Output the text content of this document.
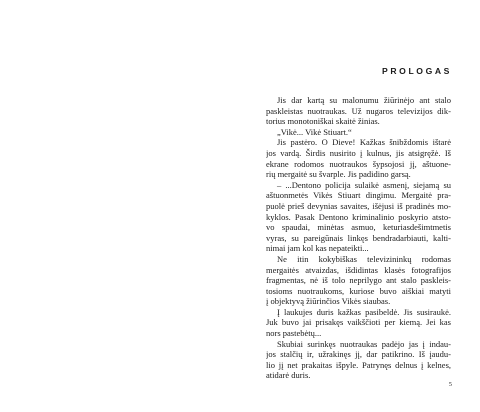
PROLOGAS
Jis dar kartą su malonumu žiūrinėjo ant stalo
paskleistas nuotraukas. Už nugaros televizijos dik-
torius monotoniškai skaitė žinias.
„Vikė... Vikė Stiuart.“
Jis pastėro. O Dieve! Kažkas šnibždomis ištarė
jos vardą. Širdis nusirito į kulnus, jis atsigręžė. Iš
ekrane rodomos nuotraukos šypsojosi jį, aštuone-
rių mergaitė su švarple. Jis padidino garsą.
– ...Dentono policija sulaikė asmenį, siejamą su
aštuonmetės Vikės Stiuart dingimu. Mergaitė pra-
puolė prieš devynias savaites, išėjusi iš pradinės mo-
kyklos. Pasak Dentono kriminalinio poskyrio atsto-
vo spaudai, minėtas asmuo, keturiasdešimtmetis
vyras, su pareigūnais linkęs bendradarbiauti, kalti-
nimai jam kol kas nepateikti...
Ne itin kokybiškas televizininkų rodomas
mergaitės atvaizdas, išdidintas klasės fotografijos
fragmentas, nė iš tolo neprilygo ant stalo paskleis-
tosioms nuotraukoms, kuriose buvo aiškiai matyti
į objektyvą žiūrinčios Vikės siaubas.
Į laukujes duris kažkas pasibeldė. Jis susiraukė.
Juk buvo jai prisakęs vaikščioti per kiemą. Jei kas
nors pastebėtų...
Skubiai surinkęs nuotraukas padėjo jas į indau-
jos stalčių ir, užrakinęs jį, dar patikrino. Iš įaudu-
lio jį net prakaitas išpyle. Patrynęs delnus į kelnes,
atidarė duris.
5
